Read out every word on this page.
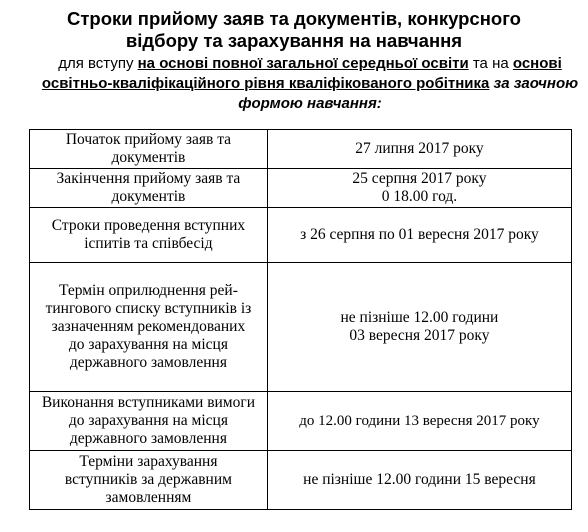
Строки прийому заяв та документів, конкурсного
відбору та зарахування на навчання
для вступу на основі повної загальної середньої освіти та на основі освітньо-кваліфікаційного рівня кваліфікованого робітника за заочною формою навчання:
Початок прийому заяв та документів	27 липня 2017 року
Закінчення прийому заяв та документів	25 серпня 2017 року
0 18.00 год.
Строки проведення вступних іспитів та співбесід	з 26 серпня по 01 вересня 2017 року
Термін оприлюднення рей-тингового списку вступників із зазначенням рекомендованих до зарахування на місця державного замовлення	не пізніше 12.00 години
03 вересня 2017 року
Виконання вступниками вимоги до зарахування на місця державного замовлення	до 12.00 години 13 вересня 2017 року
Терміни зарахування вступників за державним замовленням	не пізніше 12.00 години 15 вересня
